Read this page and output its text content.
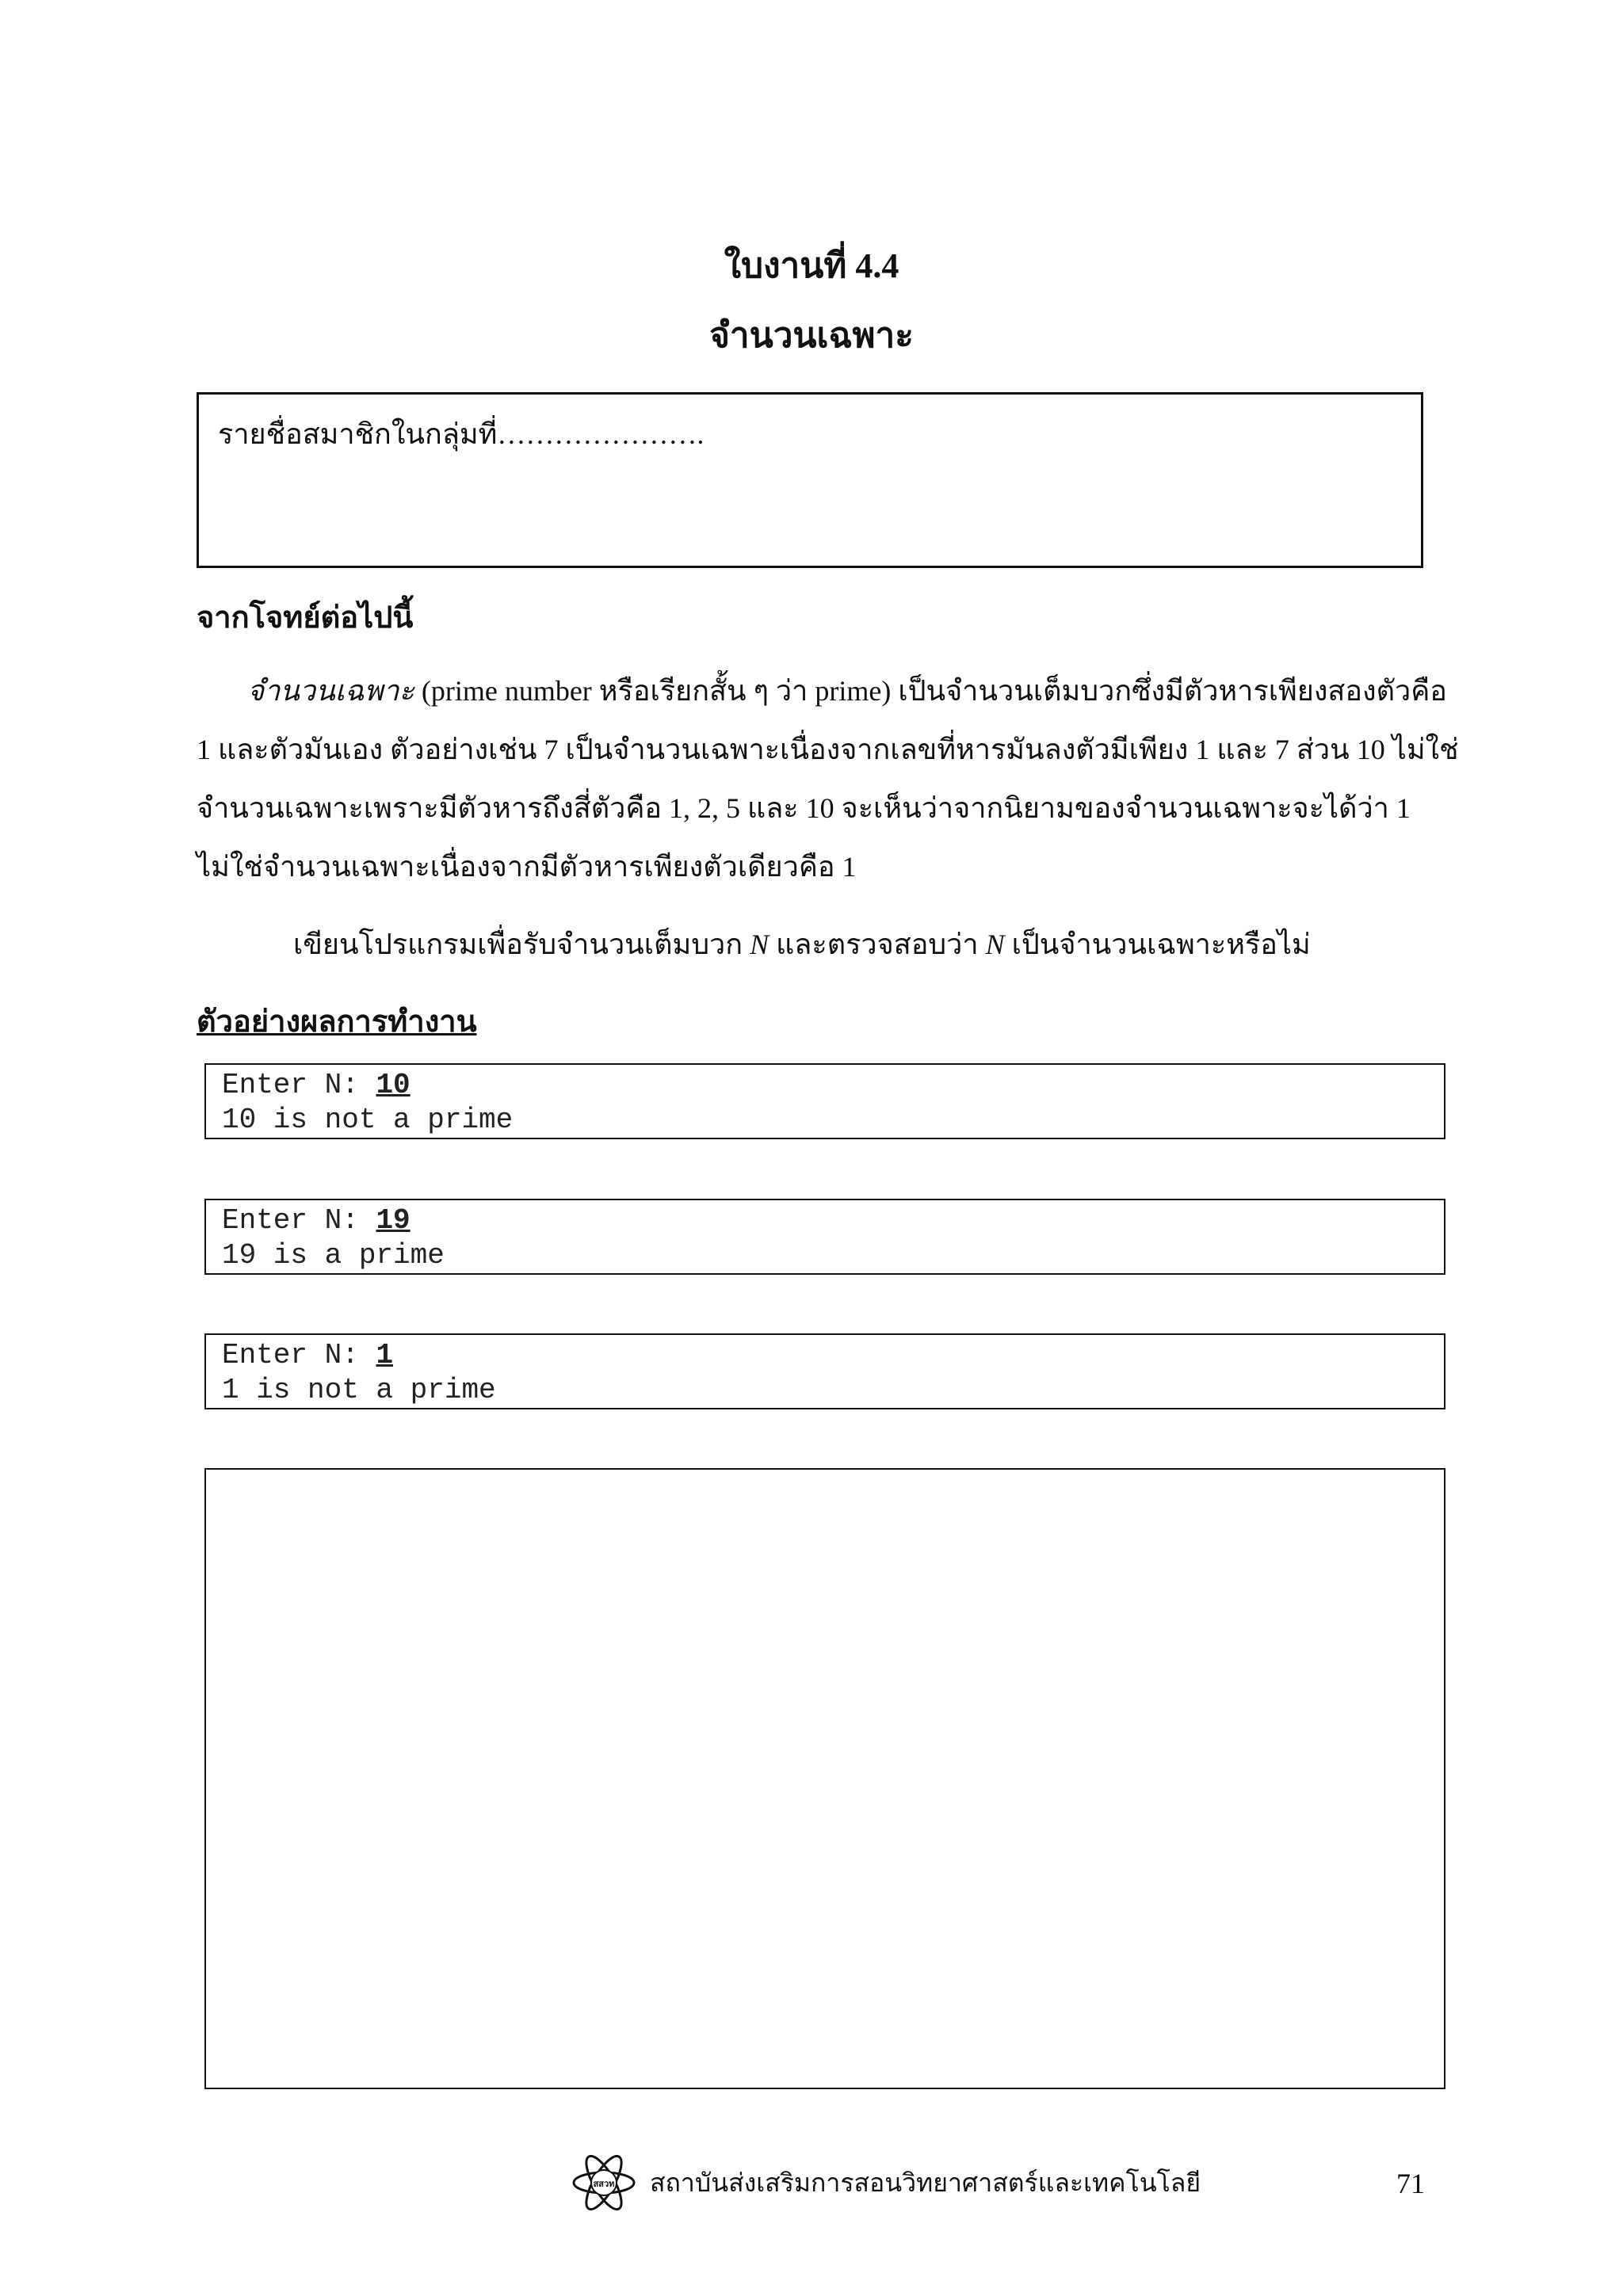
ใบงานที่ 4.4
จำนวนเฉพาะ
รายชื่อสมาชิกในกลุ่มที่………………….
จากโจทย์ต่อไปนี้
จำนวนเฉพาะ (prime number หรือเรียกสั้น ๆ ว่า prime) เป็นจำนวนเต็มบวกซึ่งมีตัวหารเพียงสองตัวคือ
1 และตัวมันเอง ตัวอย่างเช่น 7 เป็นจำนวนเฉพาะเนื่องจากเลขที่หารมันลงตัวมีเพียง 1 และ 7 ส่วน 10 ไม่ใช่
จำนวนเฉพาะเพราะมีตัวหารถึงสี่ตัวคือ 1, 2, 5 และ 10 จะเห็นว่าจากนิยามของจำนวนเฉพาะจะได้ว่า 1
ไม่ใช่จำนวนเฉพาะเนื่องจากมีตัวหารเพียงตัวเดียวคือ 1
เขียนโปรแกรมเพื่อรับจำนวนเต็มบวก N และตรวจสอบว่า N เป็นจำนวนเฉพาะหรือไม่
ตัวอย่างผลการทำงาน
Enter N: 10
10 is not a prime
Enter N: 19
19 is a prime
Enter N: 1
1 is not a prime
สสวท สถาบันส่งเสริมการสอนวิทยาศาสตร์และเทคโนโลยี	71
